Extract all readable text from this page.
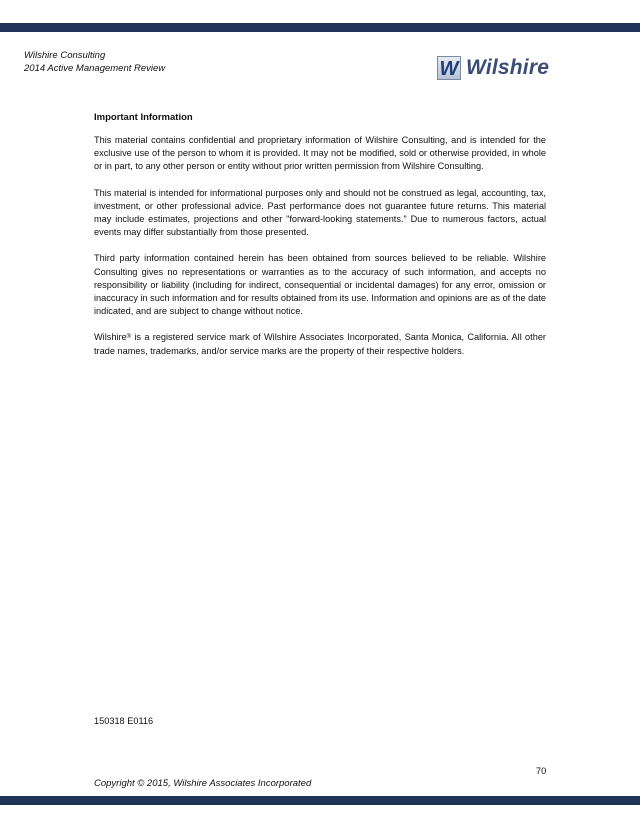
Wilshire Consulting
2014 Active Management Review	W Wilshire
Important Information

This material contains confidential and proprietary information of Wilshire Consulting, and is intended for the exclusive use of the person to whom it is provided. It may not be modified, sold or otherwise provided, in whole or in part, to any other person or entity without prior written permission from Wilshire Consulting.

This material is intended for informational purposes only and should not be construed as legal, accounting, tax, investment, or other professional advice. Past performance does not guarantee future returns. This material may include estimates, projections and other "forward-looking statements." Due to numerous factors, actual events may differ substantially from those presented.

Third party information contained herein has been obtained from sources believed to be reliable. Wilshire Consulting gives no representations or warranties as to the accuracy of such information, and accepts no responsibility or liability (including for indirect, consequential or incidental damages) for any error, omission or inaccuracy in such information and for results obtained from its use. Information and opinions are as of the date indicated, and are subject to change without notice.

Wilshire® is a registered service mark of Wilshire Associates Incorporated, Santa Monica, California. All other trade names, trademarks, and/or service marks are the property of their respective holders.

150318 E0116
70
Copyright © 2015, Wilshire Associates Incorporated
